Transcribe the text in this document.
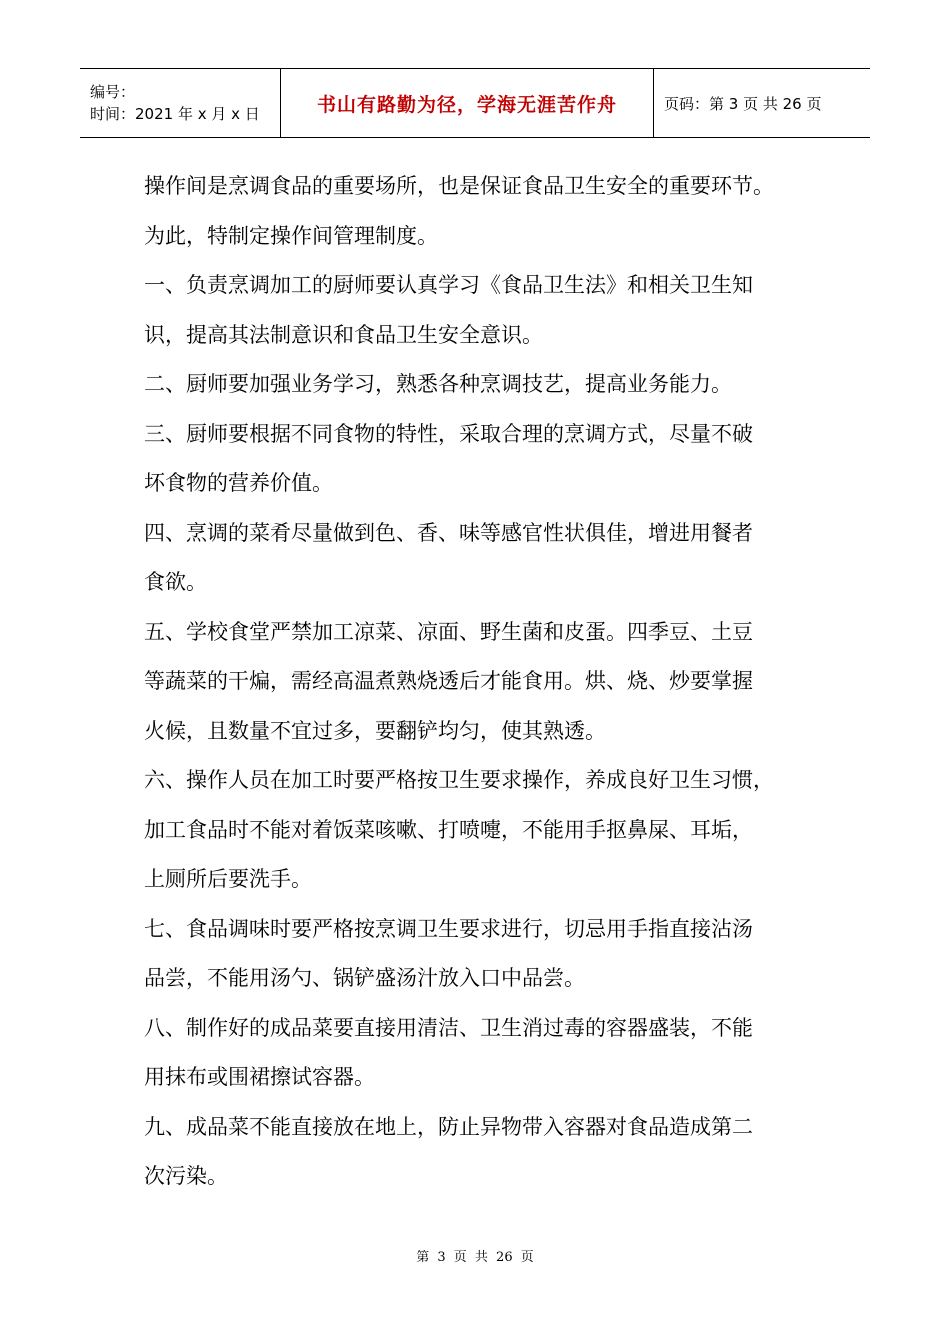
编号：
时间：2021 年 x 月 x 日	书山有路勤为径，学海无涯苦作舟	页码：第 3 页 共 26 页
操作间是烹调食品的重要场所，也是保证食品卫生安全的重要环节。
为此，特制定操作间管理制度。
一、负责烹调加工的厨师要认真学习《食品卫生法》和相关卫生知
识，提高其法制意识和食品卫生安全意识。
二、厨师要加强业务学习，熟悉各种烹调技艺，提高业务能力。
三、厨师要根据不同食物的特性，采取合理的烹调方式，尽量不破
坏食物的营养价值。
四、烹调的菜肴尽量做到色、香、味等感官性状俱佳，增进用餐者
食欲。
五、学校食堂严禁加工凉菜、凉面、野生菌和皮蛋。四季豆、土豆
等蔬菜的干煸，需经高温煮熟烧透后才能食用。烘、烧、炒要掌握
火候，且数量不宜过多，要翻铲均匀，使其熟透。
六、操作人员在加工时要严格按卫生要求操作，养成良好卫生习惯，
加工食品时不能对着饭菜咳嗽、打喷嚏，不能用手抠鼻屎、耳垢，
上厕所后要洗手。
七、食品调味时要严格按烹调卫生要求进行，切忌用手指直接沾汤
品尝，不能用汤勺、锅铲盛汤汁放入口中品尝。
八、制作好的成品菜要直接用清洁、卫生消过毒的容器盛装，不能
用抹布或围裙擦试容器。
九、成品菜不能直接放在地上，防止异物带入容器对食品造成第二
次污染。
第 3 页 共 26 页
